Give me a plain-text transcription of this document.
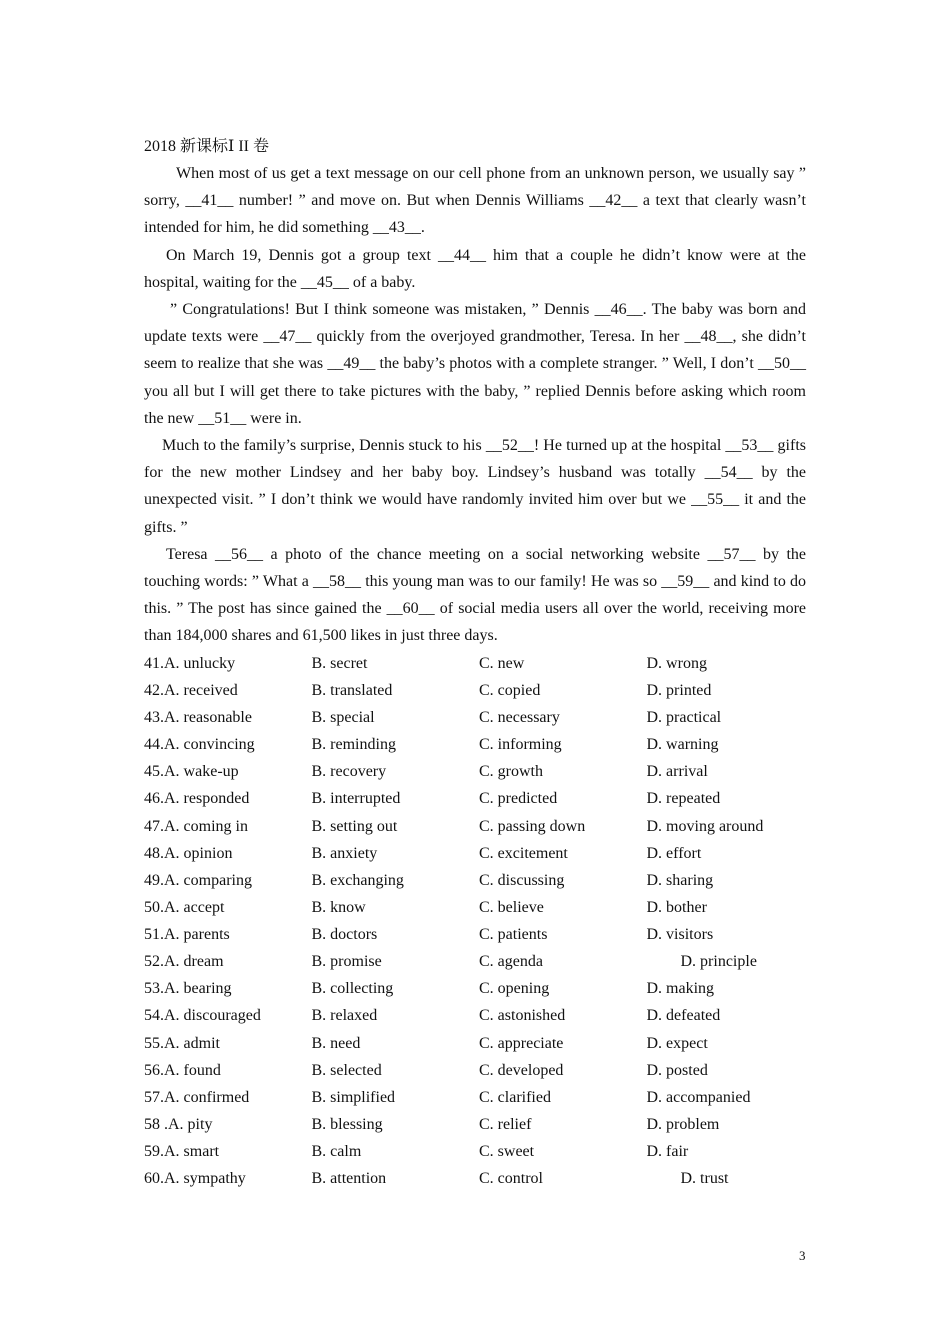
2018 新课标Ⅰ II 卷

When most of us get a text message on our cell phone from an unknown person, we usually say ” sorry, __41__ number! ” and move on. But when Dennis Williams __42__ a text that clearly wasn’t intended for him, he did something __43__.

On March 19, Dennis got a group text __44__ him that a couple he didn’t know were at the hospital, waiting for the __45__ of a baby.

” Congratulations! But I think someone was mistaken, ” Dennis __46__. The baby was born and update texts were __47__ quickly from the overjoyed grandmother, Teresa. In her __48__, she didn’t seem to realize that she was __49__ the baby’s photos with a complete stranger. ” Well, I don’t __50__ you all but I will get there to take pictures with the baby, ” replied Dennis before asking which room the new __51__ were in.

Much to the family’s surprise, Dennis stuck to his __52__! He turned up at the hospital __53__ gifts for the new mother Lindsey and her baby boy. Lindsey’s husband was totally __54__ by the unexpected visit. ” I don’t think we would have randomly invited him over but we __55__ it and the gifts. ”

Teresa __56__ a photo of the chance meeting on a social networking website __57__ by the touching words: ” What a __58__ this young man was to our family! He was so __59__ and kind to do this. ” The post has since gained the __60__ of social media users all over the world, receiving more than 184,000 shares and 61,500 likes in just three days.

41.A. unlucky	B. secret	C. new	D. wrong
42.A. received	B. translated	C. copied	D. printed
43.A. reasonable	B. special	C. necessary	D. practical
44.A. convincing	B. reminding	C. informing	D. warning
45.A. wake-up	B. recovery	C. growth	D. arrival
46.A. responded	B. interrupted	C. predicted	D. repeated
47.A. coming in	B. setting out	C. passing down	D. moving around
48.A. opinion	B. anxiety	C. excitement	D. effort
49.A. comparing	B. exchanging	C. discussing	D. sharing
50.A. accept	B. know	C. believe	D. bother
51.A. parents	B. doctors	C. patients	D. visitors
52.A. dream	B. promise	C. agenda	D. principle
53.A. bearing	B. collecting	C. opening	D. making
54.A. discouraged	B. relaxed	C. astonished	D. defeated
55.A. admit	B. need	C. appreciate	D. expect
56.A. found	B. selected	C. developed	D. posted
57.A. confirmed	B. simplified	C. clarified	D. accompanied
58 .A. pity	B. blessing	C. relief	D. problem
59.A. smart	B. calm	C. sweet	D. fair
60.A. sympathy	B. attention	C. control	D. trust
3
